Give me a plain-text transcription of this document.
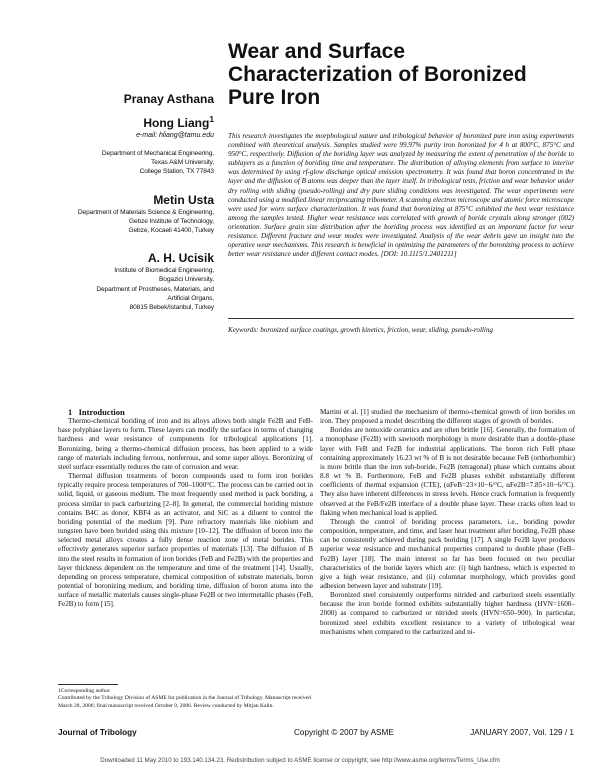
Wear and Surface
Characterization of Boronized
Pure Iron

Pranay Asthana

Hong Liang$^1$

e-mail: hliang@tamu.edu

Department of Mechanical Engineering,

Texas A&M University,

College Station, TX 77843

Metin Usta

Department of Materials Science & Engineering,

Gebze Institute of Technology,

Gebze, Kocaeli 41400, Turkey

A. H. Ucisik

Institute of Biomedical Engineering,

Bogazici University,

Department of Prostheses, Materials, and

Artificial Organs,

80815 Bebek/Istanbul, Turkey

This research investigates the morphological nature and tribological behavior of boronized pure iron using experiments combined with theoretical analysis. Samples studied were 99.97% purity iron boronized for 4 h at 800°C, 875°C and 950°C, respectively. Diffusion of the boriding layer was analyzed by measuring the extent of penetration of the boride to sublayers as a function of boriding time and temperature. The distribution of alloying elements from surface to interior was determined by using rf-glow discharge optical emission spectrometry. It was found that boron concentrated in the layer and the diffusion of B atoms was deeper than the layer itself. In tribological tests, friction and wear behavior under dry rolling with sliding (pseudo-rolling) and dry pure sliding conditions was investigated. The wear experiments were conducted using a modified linear reciprocating tribometer. A scanning electron microscope and atomic force microscope were used for worn surface characterization. It was found that boronizing at 875°C exhibited the best wear resistance among the samples tested. Higher wear resistance was correlated with growth of boride crystals along stronger (002) orientation. Surface grain size distribution after the boriding process was identified as an important factor for wear resistance. Different fracture and wear modes were investigated. Analysis of the wear debris gave an insight into the operative wear mechanisms. This research is beneficial in optimizing the parameters of the boronizing process to achieve better wear resistance under different contact modes. [DOI: 10.1115/1.2401211]

Keywords: boronized surface coatings, growth kinetics, friction, wear, sliding, pseudo-rolling

1 Introduction

Thermo-chemical boriding of iron and its alloys allows both single Fe2B and FeB-base polyphase layers to form. These layers can modify the surface in terms of changing hardness and wear resistance of components for tribological applications [1]. Boronizing, being a thermo-chemical diffusion process, has been applied to a wide range of materials including ferrous, nonferrous, and some super alloys. Boronizing of steel surface essentially reduces the rate of corrosion and wear.

Thermal diffusion treatments of boron compounds used to form iron borides typically require process temperatures of 700–1000°C. The process can be carried out in solid, liquid, or gaseous medium. The most frequently used method is pack boriding, a process similar to pack carburizing [2–8]. In general, the commercial boriding mixture contains B4C as donor, KBF4 as an activator, and SiC as a diluent to control the boriding potential of the medium [9]. Pure refractory materials like niobium and tungsten have been borided using this mixture [10–12]. The diffusion of boron into the selected metal alloys creates a fully dense reaction zone of metal borides. This effectively generates superior surface properties of materials [13]. The diffusion of B into the steel results in formation of iron borides (FeB and Fe2B) with the properties and layer thickness dependent on the temperature and time of the treatment [14]. Usually, depending on process temperature, chemical composition of substrate materials, boron potential of boronizing medium, and boriding time, diffusion of boron atoms into the surface of metallic materials causes single-phase Fe2B or two intermetallic phases (FeB, Fe2B) to form [15].

Martini et al. [1] studied the mechanism of thermo-chemical growth of iron borides on iron. They proposed a model describing the different stages of growth of borides.

Borides are nonoxide ceramics and are often brittle [16]. Generally, the formation of a monophase (Fe2B) with sawtooth morphology is more desirable than a double-phase layer with FeB and Fe2B for industrial applications. The boron rich FeB phase containing approximately 16.23 wt % of B is not desirable because FeB (orthorhombic) is more brittle than the iron sub-boride, Fe2B (tetragonal) phase which contains about 8.8 wt % B. Furthermore, FeB and Fe2B phases exhibit substantially different coefficients of thermal expansion (CTE), (αFeB=23×10−6/°C, αFe2B=7.85×10−6/°C). They also have inherent differences in stress levels. Hence crack formation is frequently observed at the FeB/Fe2B interface of a double phase layer. These cracks often lead to flaking when mechanical load is applied.

Through the control of boriding process parameters, i.e., boriding powder composition, temperature, and time, and laser heat treatment after boriding, Fe2B phase can be consistently achieved during pack boriding [17]. A single Fe2B layer produces superior wear resistance and mechanical properties compared to double phase (FeB–Fe2B) layer [18]. The main interest so far has been focused on two peculiar characteristics of the boride layers which are: (i) high hardness, which is expected to give a high wear resistance, and (ii) columnar morphology, which provides good adhesion between layer and substrate [19].

Boronized steel consistently outperforms nitrided and carburized steels essentially because the iron boride formed exhibits substantially higher hardness (HVN=1600–2000) as compared to carburized or nitrided steels (HVN=650–900). In particular, boronized steel exhibits excellent resistance to a variety of tribological wear mechanisms when compared to the carburized and ni-

1Corresponding author.
Contributed by the Tribology Division of ASME for publication in the Journal of Tribology. Manuscript received March 28, 2006; final manuscript received October 9, 2006. Review conducted by Mitjan Kalin.

Journal of Tribology	Copyright © 2007 by ASME	JANUARY 2007, Vol. 129 / 1

Downloaded 11 May 2010 to 193.140.134.23. Redistribution subject to ASME license or copyright; see http://www.asme.org/terms/Terms_Use.cfm
